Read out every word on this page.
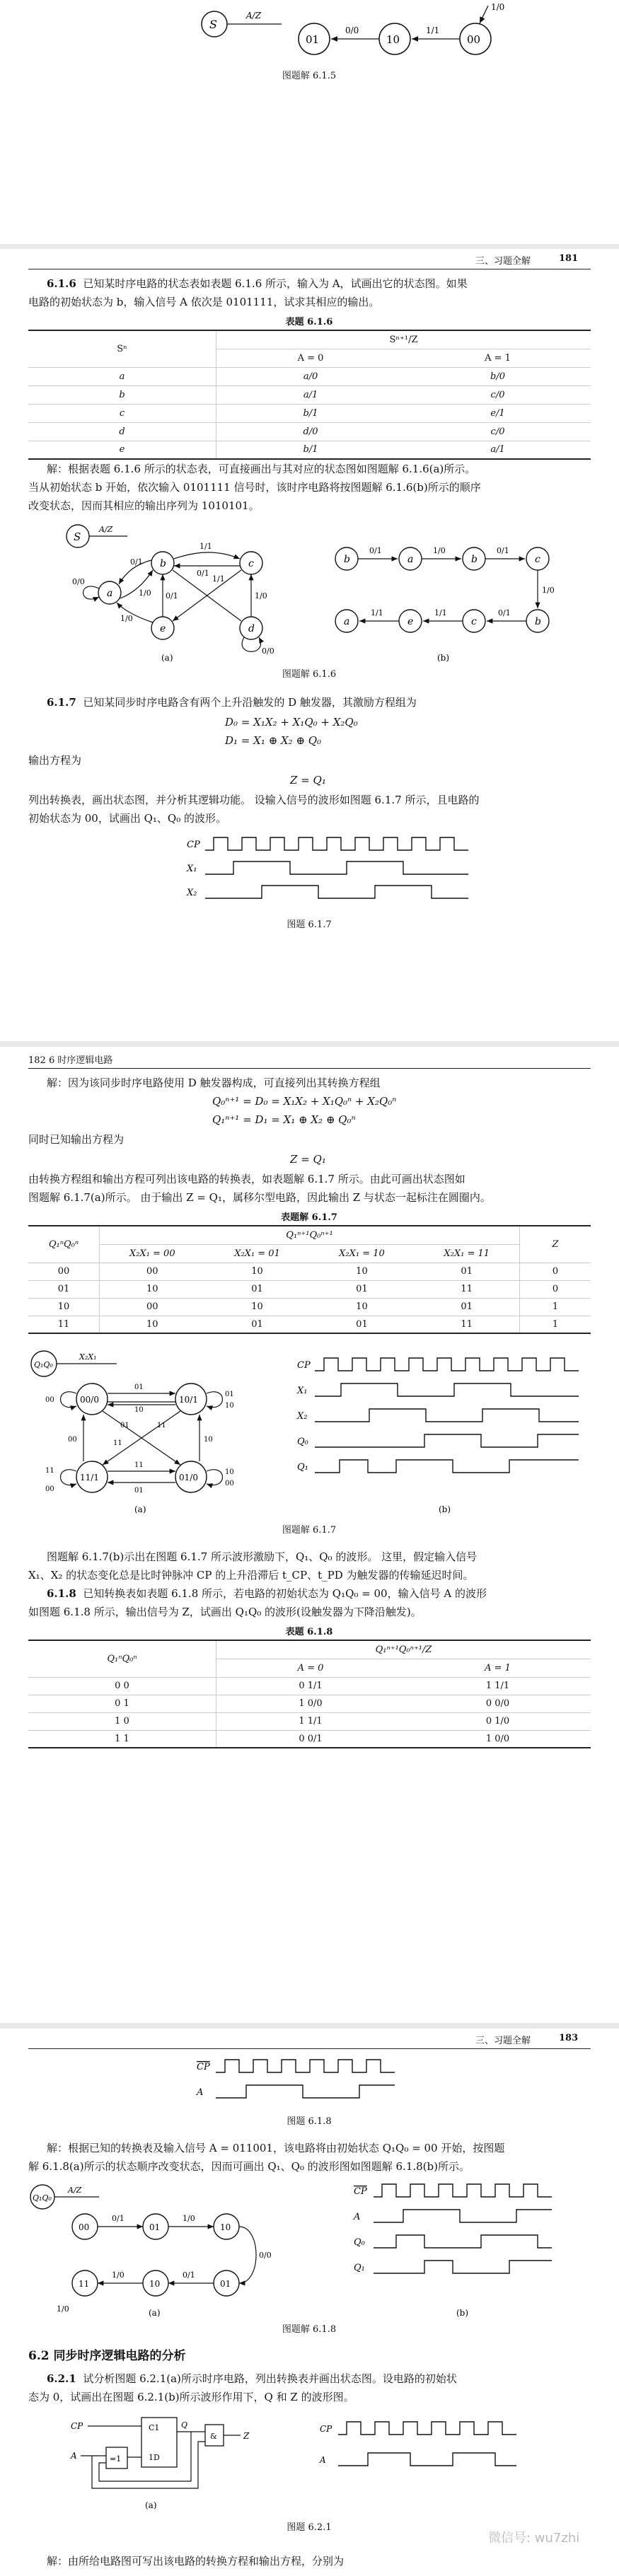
S
A/Z
01	10	00
0/0	1/1
1/0
图题解 6.1.5
三、习题全解	181
6.1.6 已知某时序电路的状态表如表题 6.1.6 所示，输入为 A，试画出它的状态图。如果
电路的初始状态为 b，输入信号 A 依次是 0101111，试求其相应的输出。
表题 6.1.6
Sⁿ	Sⁿ⁺¹/Z	
	A = 0	A = 1
a	a/0	b/0
b	a/1	c/0
c	b/1	e/1
d	d/0	c/0
e	b/1	a/1
解：根据表题 6.1.6 所示的状态表，可直接画出与其对应的状态图如图题解 6.1.6(a)所示。
当从初始状态 b 开始，依次输入 0101111 信号时，该时序电路将按图题解 6.1.6(b)所示的顺序
改变状态，因而其相应的输出序列为 1010101。
S
A/Z
a
b	c
d
e
0/0
0/1
1/0
1/1
1/1
0/1
0/1	1/0
1/0
0/0
b	a	b	c
b
c
e
a
0/1	1/0	0/1
1/0
0/1
1/1
1/1
(a)	(b)
图题解 6.1.6
6.1.7 已知某同步时序电路含有两个上升沿触发的 D 触发器，其激励方程组为
D₀ = X₁X₂ + X₁Q₀ + X₂Q₀
D₁ = X₁ ⊕ X₂ ⊕ Q₀
输出方程为
Z = Q₁
列出转换表，画出状态图，并分析其逻辑功能。 设输入信号的波形如图题 6.1.7 所示，且电路的
初始状态为 00，试画出 Q₁、Q₀ 的波形。
CP
X₁
X₂
图题 6.1.7
182 6 时序逻辑电路
解：因为该同步时序电路使用 D 触发器构成，可直接列出其转换方程组
Q₀ⁿ⁺¹ = D₀ = X₁X₂ + X₁Q₀ⁿ + X₂Q₀ⁿ
Q₁ⁿ⁺¹ = D₁ = X₁ ⊕ X₂ ⊕ Q₀ⁿ
同时已知输出方程为
Z = Q₁
由转换方程组和输出方程可列出该电路的转换表，如表题解 6.1.7 所示。由此可画出状态图如
图题解 6.1.7(a)所示。 由于输出 Z = Q₁，属移尔型电路，因此输出 Z 与状态一起标注在圆圈内。
表题解 6.1.7
Q₁ⁿQ₀ⁿ	Q₁ⁿ⁺¹Q₀ⁿ⁺¹				Z
	X₂X₁ = 00	X₂X₁ = 01	X₂X₁ = 10	X₂X₁ = 11	
00	00	10	10	01	0
01	10	01	01	11	0
10	00	10	10	01	1
11	10	01	01	11	1
Q₁Q₀
X₂X₁
00/0	10/1
11/1	01/0
00
01
10
01
10
01	11
00	10
11
00
11
01
10
00
11
CP
X₁
X₂
Q₀
Q₁
(a)	(b)
图题解 6.1.7
图题解 6.1.7(b)示出在图题 6.1.7 所示波形激励下，Q₁、Q₀ 的波形。 这里，假定输入信号
X₁、X₂ 的状态变化总是比时钟脉冲 CP 的上升沿滞后 t_CP、t_PD 为触发器的传输延迟时间。
6.1.8 已知转换表如表题 6.1.8 所示，若电路的初始状态为 Q₁Q₀ = 00，输入信号 A 的波形
如图题 6.1.8 所示，输出信号为 Z，试画出 Q₁Q₀ 的波形(设触发器为下降沿触发)。
表题 6.1.8
Q₁ⁿQ₀ⁿ	Q₁ⁿ⁺¹Q₀ⁿ⁺¹/Z	
	A = 0	A = 1
0 0	0 1/1	1 1/1
0 1	1 0/0	0 0/0
1 0	1 1/1	0 1/0
1 1	0 0/1	1 0/0
三、习题全解	183
CP
A
图题 6.1.8
解：根据已知的转换表及输入信号 A = 011001，该电路将由初始状态 Q₁Q₀ = 00 开始，按图题
解 6.1.8(a)所示的状态顺序改变状态，因而可画出 Q₁、Q₀ 的波形图如图题解 6.1.8(b)所示。
Q₁Q₀
A/Z
00	01	10
11	10	01
0/1	1/0
0/0
0/1
1/0
1/0
CP
A
Q₀
Q₁
(a)	(b)
图题解 6.1.8
6.2 同步时序逻辑电路的分析
6.2.1 试分析图题 6.2.1(a)所示时序电路，列出转换表并画出状态图。设电路的初始状
态为 0，试画出在图题 6.2.1(b)所示波形作用下，Q 和 Z 的波形图。
CP
A	=1
C1
1D
Q
&	Z
(a)
CP
A
图题 6.2.1
微信号: wu7zhi
解：由所给电路图可写出该电路的转换方程和输出方程，分别为
